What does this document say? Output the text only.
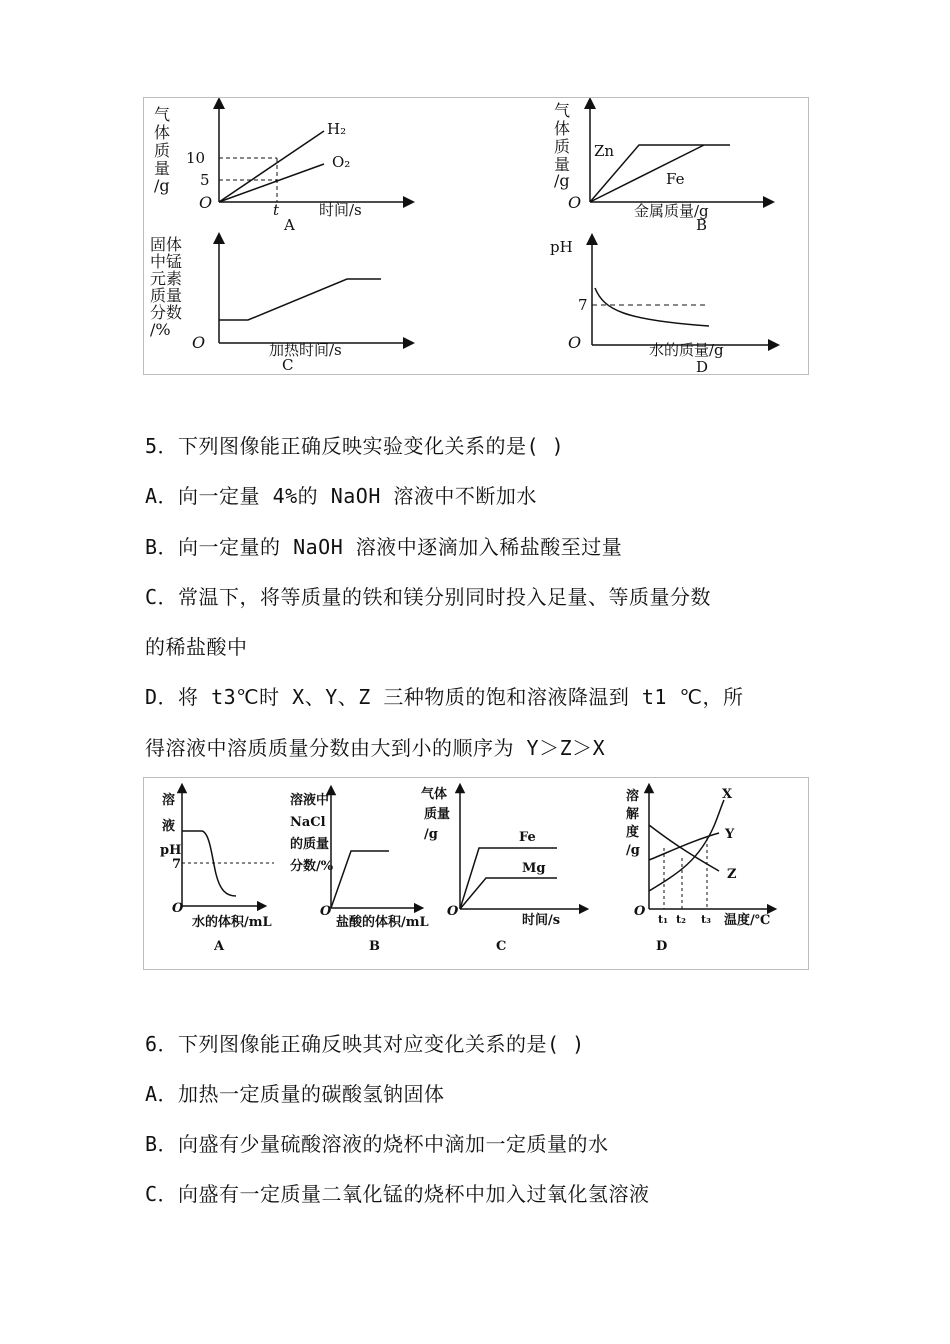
气
体
质
量
/g
O
10
5
t
H₂
O₂
时间/s
A
气
体
质
量
/g
O
Zn
Fe
金属质量/g
B
固体
中锰
元素
质量
分数
/%
O	加热时间/s
C
pH
O
7
水的质量/g
D
5．下列图像能正确反映实验变化关系的是( )
A．向一定量 4%的 NaOH 溶液中不断加水
B．向一定量的 NaOH 溶液中逐滴加入稀盐酸至过量
C．常温下，将等质量的铁和镁分别同时投入足量、等质量分数
的稀盐酸中
D．将 t3℃时 X、Y、Z 三种物质的饱和溶液降温到 t1 ℃，所
得溶液中溶质质量分数由大到小的顺序为 Y＞Z＞X
溶
液
pH
O
7
水的体积/mL
A
溶液中
NaCl
的质量
分数/%
O
盐酸的体积/mL
B
气体
质量
/g
O
Fe
Mg
时间/s
C
溶
解
度
/g
O
t₁ t₂ t₃
X
Y
Z
温度/℃
D
6．下列图像能正确反映其对应变化关系的是( )
A．加热一定质量的碳酸氢钠固体
B．向盛有少量硫酸溶液的烧杯中滴加一定质量的水
C．向盛有一定质量二氧化锰的烧杯中加入过氧化氢溶液
